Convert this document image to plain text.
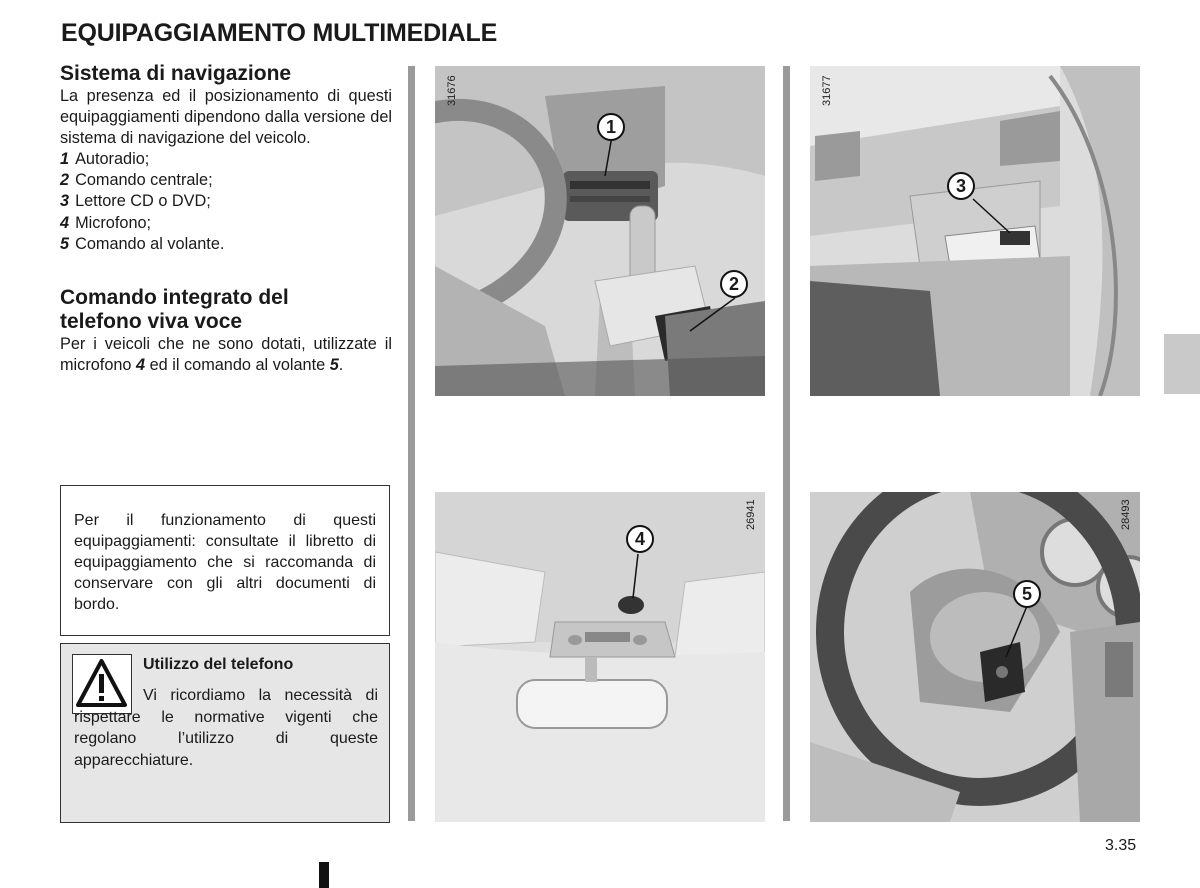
EQUIPAGGIAMENTO MULTIMEDIALE
Sistema di navigazione

La presenza ed il posizionamento di questi equipaggiamenti dipendono dalla versione del sistema di navigazione del veicolo.

1 Autoradio;
2 Comando centrale;
3 Lettore CD o DVD;
4 Microfono;
5 Comando al volante.
Comando integrato del
telefono viva voce

Per i veicoli che ne sono dotati, utilizzate il microfono 4 ed il comando al volante 5.

Per il funzionamento di questi equipaggiamenti: consultate il libretto di equipaggiamento che si raccomanda di conservare con gli altri documenti di bordo.
Utilizzo del telefono
Vi ricordiamo la necessità di rispettare le normative vigenti che regolano l’utilizzo di queste apparecchiature.
31676
1
2
31677
3
26941
4
28493
5
3.35
